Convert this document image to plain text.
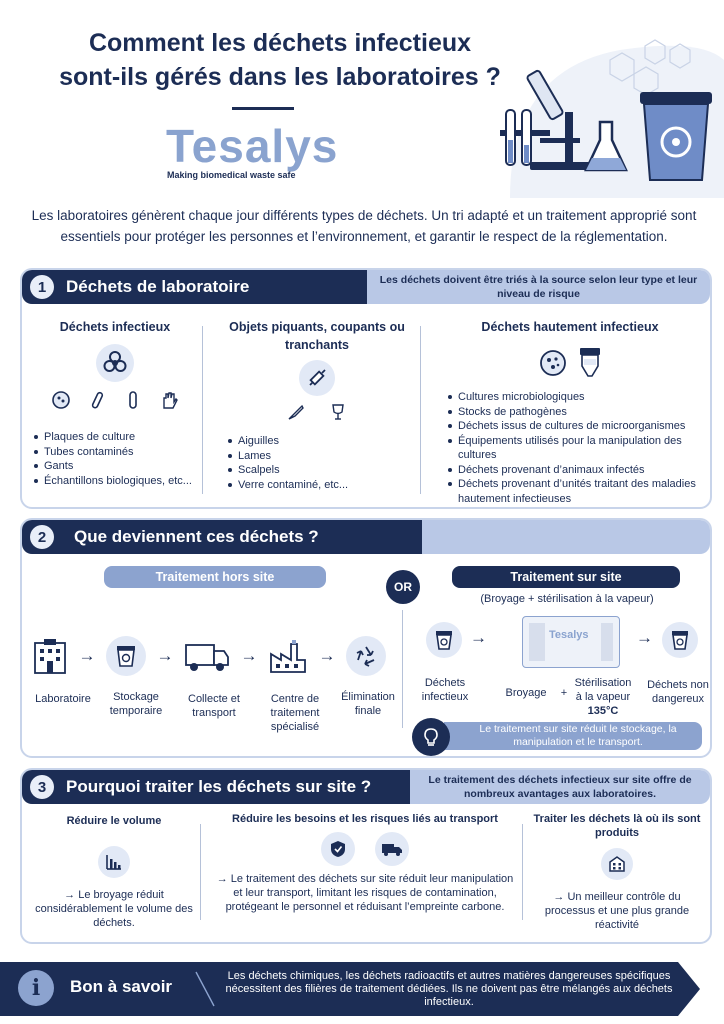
Comment les déchets infectieux
sont-ils gérés dans les laboratoires ?
Tesalys
Making biomedical waste safe
Les laboratoires génèrent chaque jour différents types de déchets. Un tri adapté et un traitement approprié sont essentiels pour protéger les personnes et l’environnement, et garantir le respect de la réglementation.
1	Déchets de laboratoire	Les déchets doivent être triés à la source selon leur type et leur niveau de risque
Déchets infectieux
Plaques de culture
Tubes contaminés
Gants
Échantillons biologiques, etc...
Objets piquants, coupants ou tranchants
Aiguilles
Lames
Scalpels
Verre contaminé, etc...
Déchets hautement infectieux
Cultures microbiologiques
Stocks de pathogènes
Déchets issus de cultures de microorganismes
Équipements utilisés pour la manipulation des cultures
Déchets provenant d’animaux infectés
Déchets provenant d’unités traitant des maladies hautement infectieuses
2	Que deviennent ces déchets ?
Traitement hors site
→	→	→	→
Laboratoire	Stockage temporaire
Collecte et transport
Centre de traitement spécialisé
Élimination finale
OR
Traitement sur site
(Broyage + stérilisation à la vapeur)
→	Tesalys	→
Déchets infectieux	Broyage	+
Stérilisation à la vapeur
135°C
Déchets non dangereux
Le traitement sur site réduit le stockage, la manipulation et le transport.
3	Pourquoi traiter les déchets sur site ?	Le traitement des déchets infectieux sur site offre de nombreux avantages aux laboratoires.
Réduire le volume
→ Le broyage réduit considérablement le volume des déchets.
Réduire les besoins et les risques liés au transport
→ Le traitement des déchets sur site réduit leur manipulation et leur transport, limitant les risques de contamination, protégeant le personnel et réduisant l’empreinte carbone.
Traiter les déchets là où ils sont produits
→ Un meilleur contrôle du processus et une plus grande réactivité
i	Bon à savoir
Les déchets chimiques, les déchets radioactifs et autres matières dangereuses spécifiques nécessitent des filières de traitement dédiées. Ils ne doivent pas être mélangés aux déchets infectieux.
